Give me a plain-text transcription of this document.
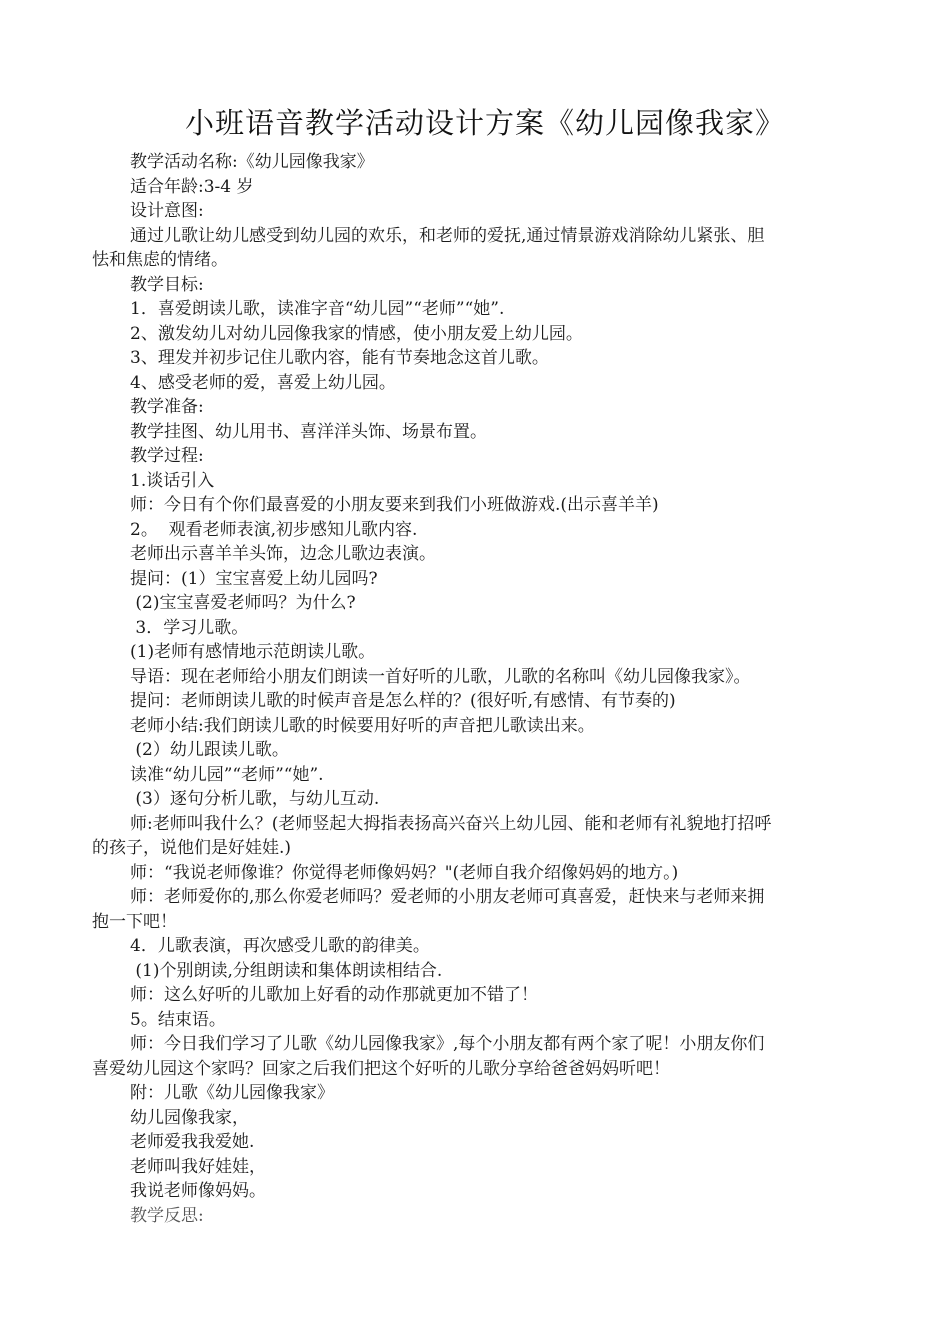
小班语音教学活动设计方案《幼儿园像我家》

教学活动名称:《幼儿园像我家》

适合年龄:3-4 岁

设计意图:

通过儿歌让幼儿感受到幼儿园的欢乐，和老师的爱抚,通过情景游戏消除幼儿紧张、胆

怯和焦虑的情绪。

教学目标:

1．喜爱朗读儿歌，读准字音“幼儿园”“老师”“她”.

2、激发幼儿对幼儿园像我家的情感，使小朋友爱上幼儿园。

3、理发并初步记住儿歌内容，能有节奏地念这首儿歌。

4、感受老师的爱，喜爱上幼儿园。

教学准备:

教学挂图、幼儿用书、喜洋洋头饰、场景布置。

教学过程:

1.谈话引入

师：今日有个你们最喜爱的小朋友要来到我们小班做游戏.(出示喜羊羊)

2。  观看老师表演,初步感知儿歌内容.

老师出示喜羊羊头饰，边念儿歌边表演。

提问：(1）宝宝喜爱上幼儿园吗?

(2)宝宝喜爱老师吗？为什么?

3．学习儿歌。

(1)老师有感情地示范朗读儿歌。

导语：现在老师给小朋友们朗读一首好听的儿歌，儿歌的名称叫《幼儿园像我家》。

提问：老师朗读儿歌的时候声音是怎么样的？(很好听,有感情、有节奏的)

老师小结:我们朗读儿歌的时候要用好听的声音把儿歌读出来。

(2）幼儿跟读儿歌。

读准“幼儿园”“老师”“她”.

(3）逐句分析儿歌，与幼儿互动.

师:老师叫我什么？(老师竖起大拇指表扬高兴奋兴上幼儿园、能和老师有礼貌地打招呼

的孩子，说他们是好娃娃.)

师：“我说老师像谁？你觉得老师像妈妈？"(老师自我介绍像妈妈的地方。)

师：老师爱你的,那么你爱老师吗？爱老师的小朋友老师可真喜爱，赶快来与老师来拥

抱一下吧！

4．儿歌表演，再次感受儿歌的韵律美。

(1)个别朗读,分组朗读和集体朗读相结合.

师：这么好听的儿歌加上好看的动作那就更加不错了！

5。结束语。

师：今日我们学习了儿歌《幼儿园像我家》,每个小朋友都有两个家了呢！小朋友你们

喜爱幼儿园这个家吗？回家之后我们把这个好听的儿歌分享给爸爸妈妈听吧！

附：儿歌《幼儿园像我家》

幼儿园像我家，

老师爱我我爱她.

老师叫我好娃娃，

我说老师像妈妈。

教学反思:
